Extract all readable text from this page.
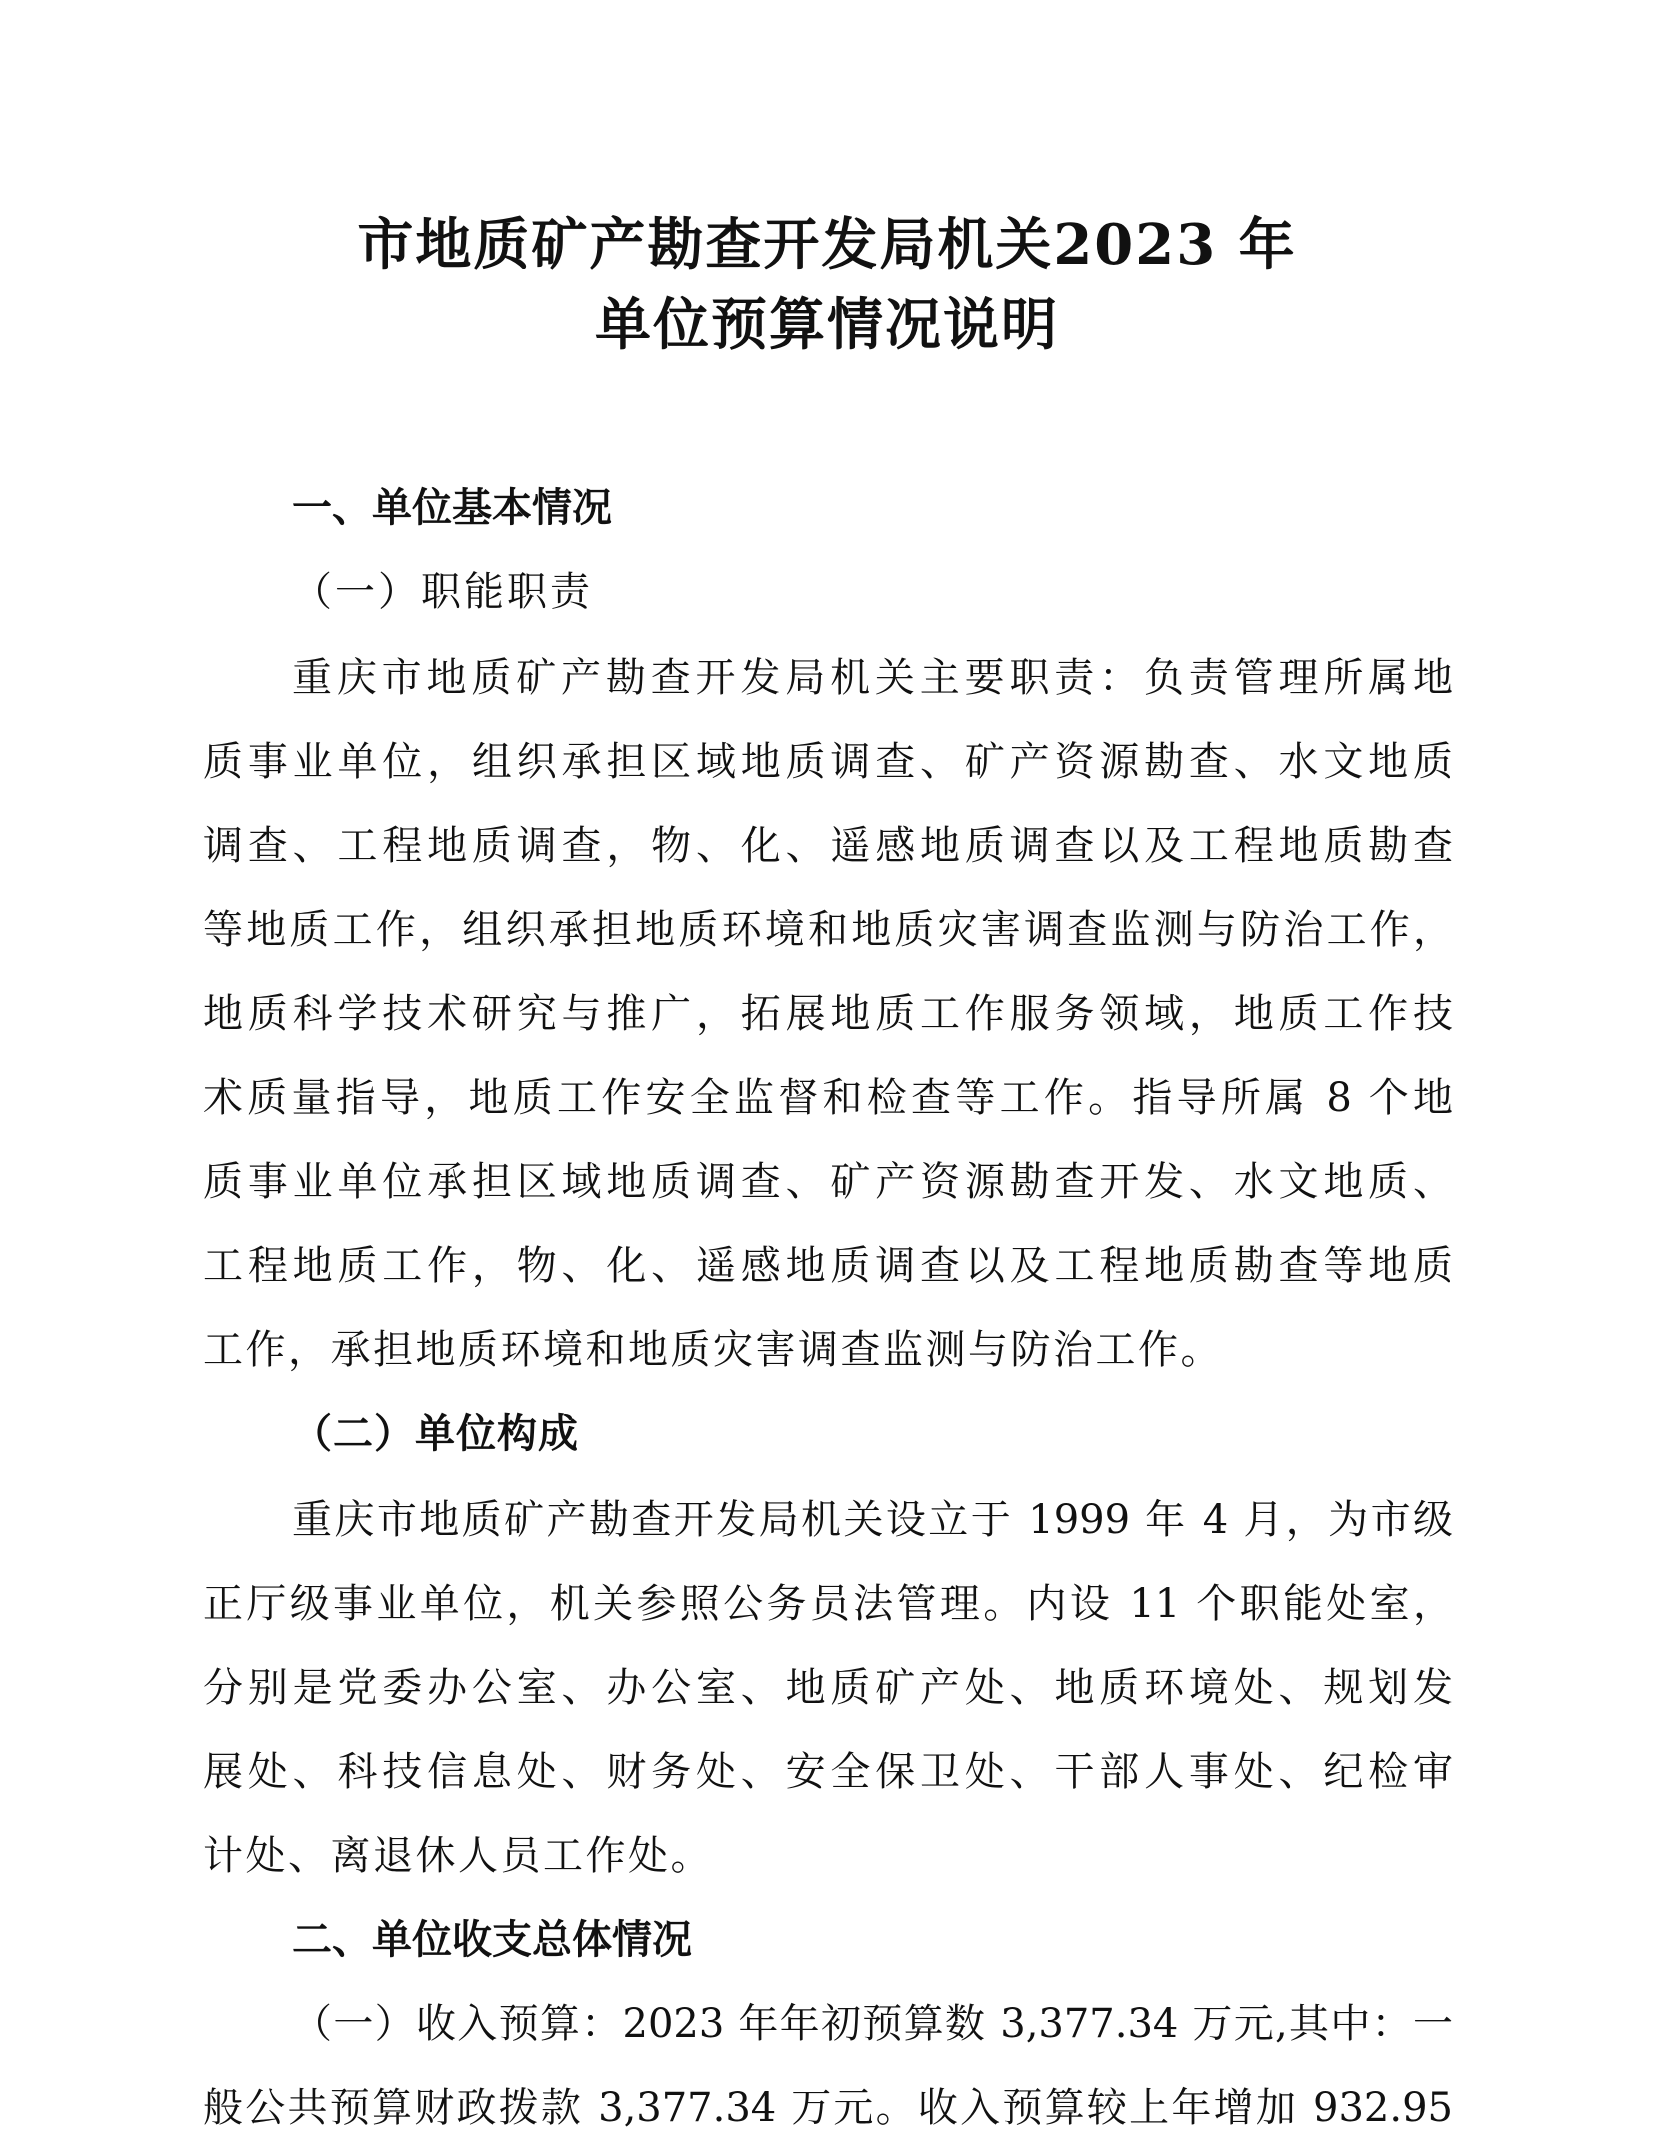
市地质矿产勘查开发局机关2023 年
单位预算情况说明
一、单位基本情况
（一）职能职责
重庆市地质矿产勘查开发局机关主要职责：负责管理所属地
质事业单位，组织承担区域地质调查、矿产资源勘查、水文地质
调查、工程地质调查，物、化、遥感地质调查以及工程地质勘查
等地质工作，组织承担地质环境和地质灾害调查监测与防治工作，
地质科学技术研究与推广，拓展地质工作服务领域，地质工作技
术质量指导，地质工作安全监督和检查等工作。指导所属 8 个地
质事业单位承担区域地质调查、矿产资源勘查开发、水文地质、
工程地质工作，物、化、遥感地质调查以及工程地质勘查等地质
工作，承担地质环境和地质灾害调查监测与防治工作。
（二）单位构成
重庆市地质矿产勘查开发局机关设立于 1999 年 4 月，为市级
正厅级事业单位，机关参照公务员法管理。内设 11 个职能处室，
分别是党委办公室、办公室、地质矿产处、地质环境处、规划发
展处、科技信息处、财务处、安全保卫处、干部人事处、纪检审
计处、离退休人员工作处。
二、单位收支总体情况
（一）收入预算：2023 年年初预算数 3,377.34 万元,其中：一
般公共预算财政拨款 3,377.34 万元。收入预算较上年增加 932.95
